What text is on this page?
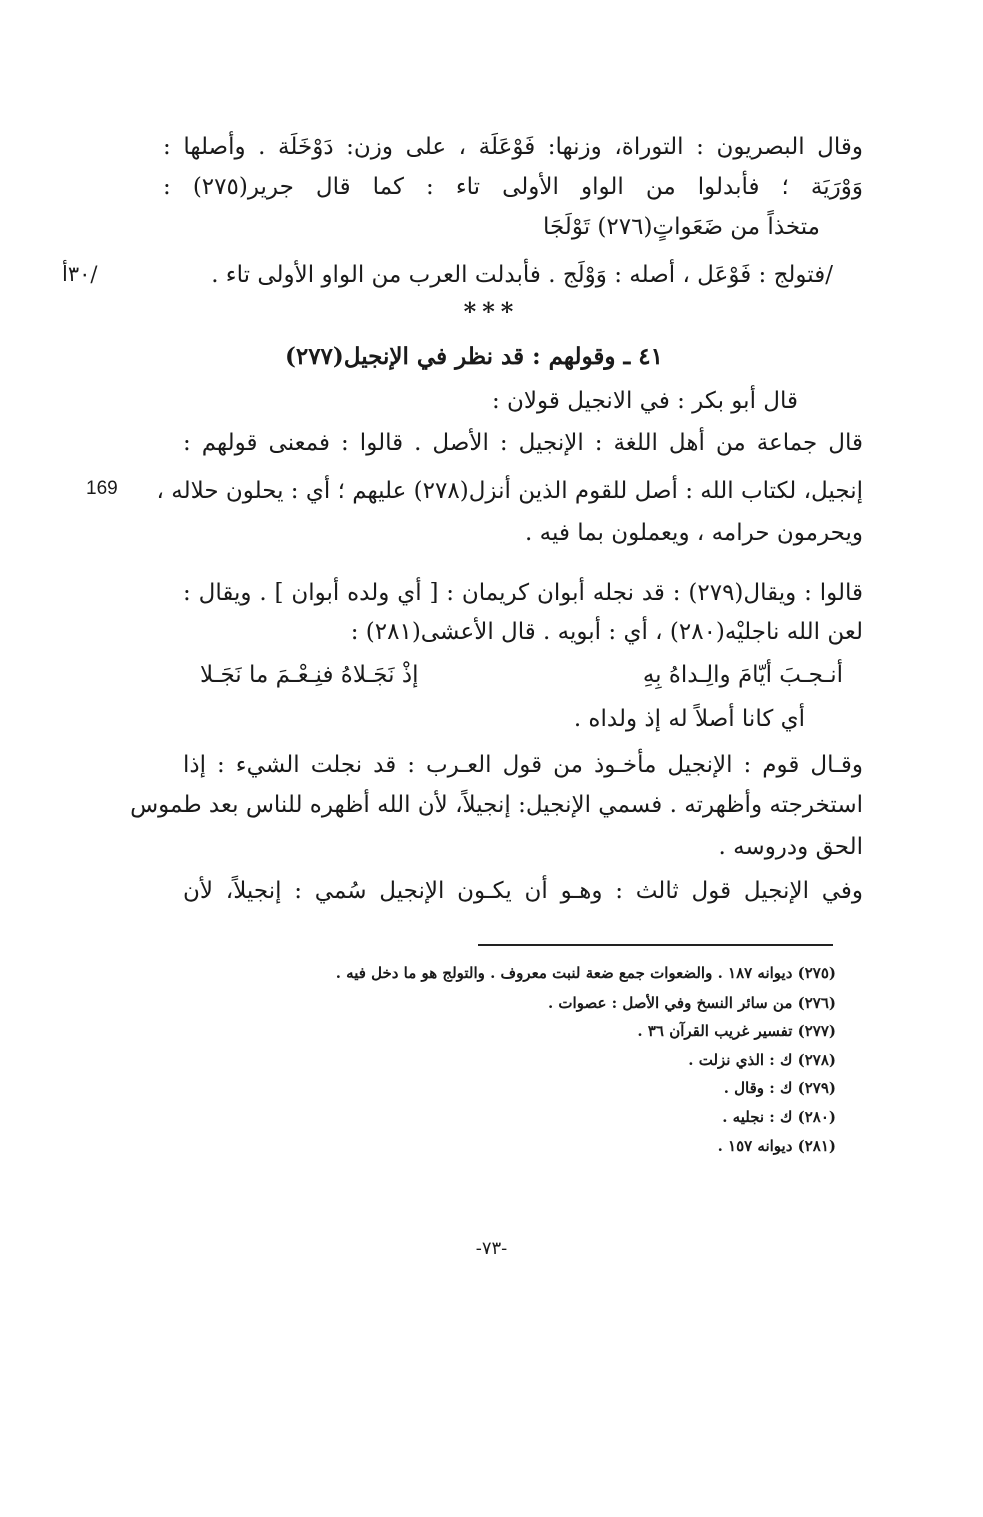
وقال البصريون : التوراة، وزنها: فَوْعَلَة ، على وزن: دَوْخَلَة . وأصلها :
وَوْرَيَة ؛ فأبدلوا من الواو الأولى تاء : كما قال جرير(٢٧٥) :
متخذاً من ضَعَواتٍ(٢٧٦) تَوْلَجَا
/فتولج : فَوْعَل ، أصله : وَوْلَج . فأبدلت العرب من الواو الأولى تاء .
/٣٠أ
***
٤١ ـ وقولهم : قد نظر في الإنجيل(٢٧٧)
قال أبو بكر : في الانجيل قولان :
قال جماعة من أهل اللغة : الإنجيل : الأصل . قالوا : فمعنى قولهم :
إنجيل، لكتاب الله : أصل للقوم الذين أنزل(٢٧٨) عليهم ؛ أي : يحلون حلاله ،
169
ويحرمون حرامه ، ويعملون بما فيه .
قالوا : ويقال(٢٧٩) : قد نجله أبوان كريمان : [ أي ولده أبوان ] . ويقال :
لعن الله ناجليْه(٢٨٠) ، أي : أبويه . قال الأعشى(٢٨١) :
أنـجـبَ أيّامَ والِـداهُ بِهِ
إذْ نَجَـلاهُ فنِـعْـمَ ما نَجَـلا
أي كانا أصلاً له إذ ولداه .
وقـال قوم : الإنجيل مأخـوذ من قول العـرب : قد نجلت الشيء : إذا
استخرجته وأظهرته . فسمي الإنجيل: إنجيلاً، لأن الله أظهره للناس بعد طموس
الحق ودروسه .
وفي الإنجيل قول ثالث : وهـو أن يكـون الإنجيل سُمي : إنجيلاً، لأن
(٢٧٥) ديوانه ١٨٧ . والضعوات جمع ضعة لنبت معروف . والتولج هو ما دخل فيه .
(٢٧٦) من سائر النسخ وفي الأصل : عصوات .
(٢٧٧) تفسير غريب القرآن ٣٦ .
(٢٧٨) ك : الذي نزلت .
(٢٧٩) ك : وقال .
(٢٨٠) ك : نجليه .
(٢٨١) ديوانه ١٥٧ .
-٧٣-
